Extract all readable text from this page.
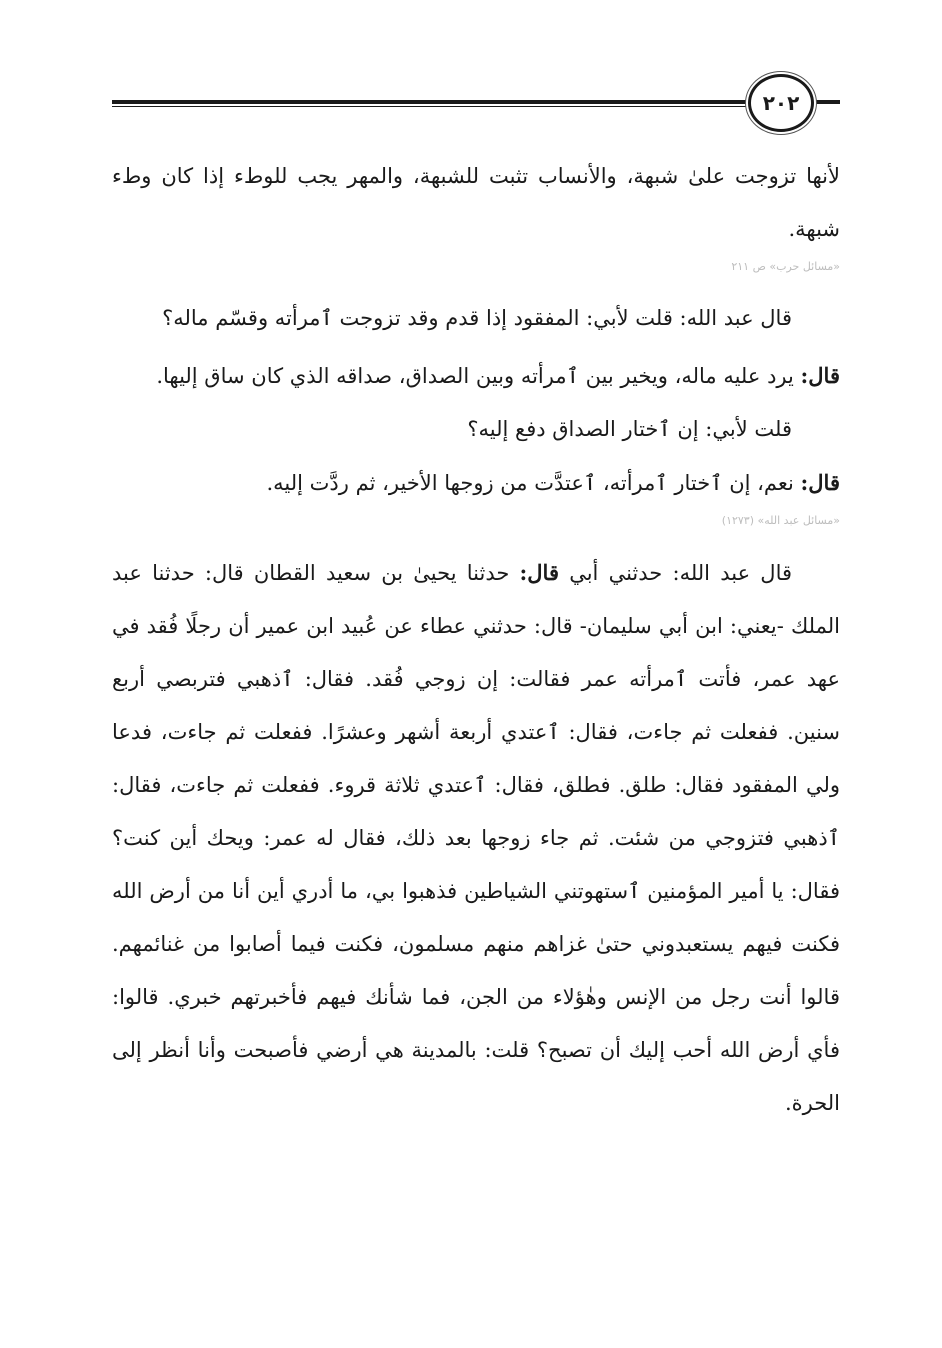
٢٠٢

لأنها تزوجت علىٰ شبهة، والأنساب تثبت للشبهة، والمهر يجب للوطء إذا كان وطء شبهة.

«مسائل حرب» ص ٢١١

قال عبد الله: قلت لأبي: المفقود إذا قدم وقد تزوجت ٱمرأته وقسّم ماله؟

قال: يرد عليه ماله، ويخير بين ٱمرأته وبين الصداق، صداقه الذي كان ساق إليها.

قلت لأبي: إن ٱختار الصداق دفع إليه؟

قال: نعم، إن ٱختار ٱمرأته، ٱعتدَّت من زوجها الأخير، ثم ردَّت إليه.

«مسائل عبد الله» (١٢٧٣)

قال عبد الله: حدثني أبي قال: حدثنا يحيىٰ بن سعيد القطان قال: حدثنا عبد الملك -يعني: ابن أبي سليمان- قال: حدثني عطاء عن عُبيد ابن عمير أن رجلًا فُقد في عهد عمر، فأتت ٱمرأته عمر فقالت: إن زوجي فُقد. فقال: ٱذهبي فتربصي أربع سنين. ففعلت ثم جاءت، فقال: ٱعتدي أربعة أشهر وعشرًا. ففعلت ثم جاءت، فدعا ولي المفقود فقال: طلق. فطلق، فقال: ٱعتدي ثلاثة قروء. ففعلت ثم جاءت، فقال: ٱذهبي فتزوجي من شئت. ثم جاء زوجها بعد ذلك، فقال له عمر: ويحك أين كنت؟ فقال: يا أمير المؤمنين ٱستهوتني الشياطين فذهبوا بي، ما أدري أين أنا من أرض الله فكنت فيهم يستعبدوني حتىٰ غزاهم منهم مسلمون، فكنت فيما أصابوا من غنائمهم. قالوا أنت رجل من الإنس وهٰؤلاء من الجن، فما شأنك فيهم فأخبرتهم خبري. قالوا: فأي أرض الله أحب إليك أن تصبح؟ قلت: بالمدينة هي أرضي فأصبحت وأنا أنظر إلى الحرة.
